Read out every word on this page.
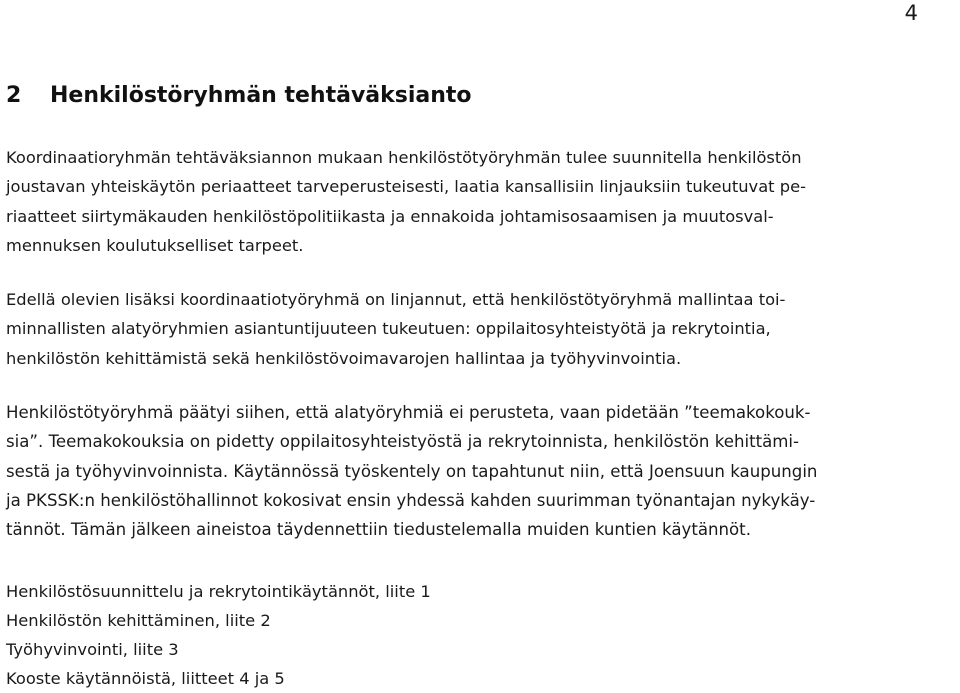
4
2 Henkilöstöryhmän tehtäväksianto
Koordinaatioryhmän tehtäväksiannon mukaan henkilöstötyöryhmän tulee suunnitella henkilöstön
joustavan yhteiskäytön periaatteet tarveperusteisesti, laatia kansallisiin linjauksiin tukeutuvat pe-
riaatteet siirtymäkauden henkilöstöpolitiikasta ja ennakoida johtamisosaamisen ja muutosval-
mennuksen koulutukselliset tarpeet.
Edellä olevien lisäksi koordinaatiotyöryhmä on linjannut, että henkilöstötyöryhmä mallintaa toi-
minnallisten alatyöryhmien asiantuntijuuteen tukeutuen: oppilaitosyhteistyötä ja rekrytointia,
henkilöstön kehittämistä sekä henkilöstövoimavarojen hallintaa ja työhyvinvointia.
Henkilöstötyöryhmä päätyi siihen, että alatyöryhmiä ei perusteta, vaan pidetään ”teemakokouk-
sia”. Teemakokouksia on pidetty oppilaitosyhteistyöstä ja rekrytoinnista, henkilöstön kehittämi-
sestä ja työhyvinvoinnista. Käytännössä työskentely on tapahtunut niin, että Joensuun kaupungin
ja PKSSK:n henkilöstöhallinnot kokosivat ensin yhdessä kahden suurimman työnantajan nykykäy-
tännöt. Tämän jälkeen aineistoa täydennettiin tiedustelemalla muiden kuntien käytännöt.
Henkilöstösuunnittelu ja rekrytointikäytännöt, liite 1
Henkilöstön kehittäminen, liite 2
Työhyvinvointi, liite 3
Kooste käytännöistä, liitteet 4 ja 5
